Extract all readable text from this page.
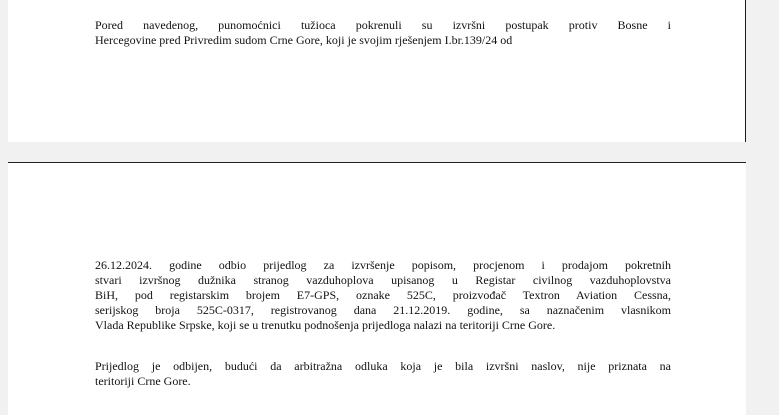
Pored navedenog, punomoćnici tužioca pokrenuli su izvršni postupak protiv Bosne i
Hercegovine pred Privredim sudom Crne Gore, koji je svojim rješenjem I.br.139/24 od

26.12.2024. godine odbio prijedlog za izvršenje popisom, procjenom i prodajom pokretnih
stvari izvršnog dužnika stranog vazduhoplova upisanog u Registar civilnog vazduhoplovstva
BiH, pod registarskim brojem E7-GPS, oznake 525C, proizvođač Textron Aviation Cessna,
serijskog broja 525C-0317, registrovanog dana 21.12.2019. godine, sa naznačenim vlasnikom
Vlada Republike Srpske, koji se u trenutku podnošenja prijedloga nalazi na teritoriji Crne Gore.

Prijedlog je odbijen, budući da arbitražna odluka koja je bila izvršni naslov, nije priznata na
teritoriji Crne Gore.
